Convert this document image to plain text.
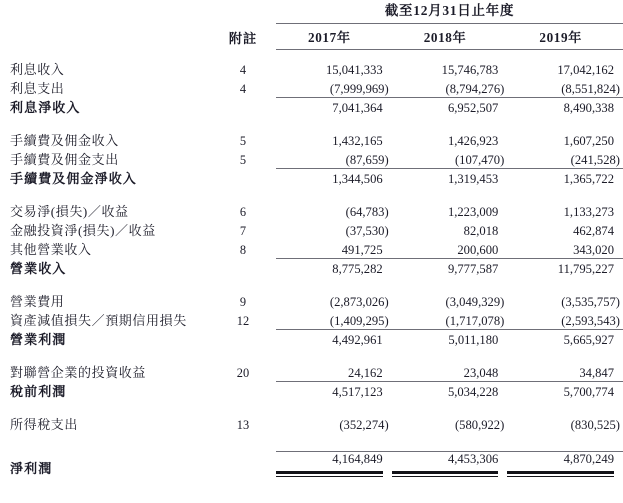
		截至12月31日止年度		
	附註	2017年	2018年	2019年

利息收入	4	15,041,333	15,746,783	17,042,162

利息支出	4	(7,999,969)	(8,794,276)	(8,551,824)

利息淨收入		7,041,364	6,952,507	8,490,338

手續費及佣金收入	5	1,432,165	1,426,923	1,607,250

手續費及佣金支出	5	(87,659)	(107,470)	(241,528)

手續費及佣金淨收入		1,344,506	1,319,453	1,365,722

交易淨(損失)／收益	6	(64,783)	1,223,009	1,133,273

金融投資淨(損失)／收益	7	(37,530)	82,018	462,874

其他營業收入	8	491,725	200,600	343,020

營業收入		8,775,282	9,777,587	11,795,227

營業費用	9	(2,873,026)	(3,049,329)	(3,535,757)

資產減值損失／預期信用損失	12	(1,409,295)	(1,717,078)	(2,593,543)

營業利潤		4,492,961	5,011,180	5,665,927

對聯營企業的投資收益	20	24,162	23,048	34,847

稅前利潤		4,517,123	5,034,228	5,700,774

所得稅支出	13	(352,274)	(580,922)	(830,525)

淨利潤		4,164,849	4,453,306	4,870,249
